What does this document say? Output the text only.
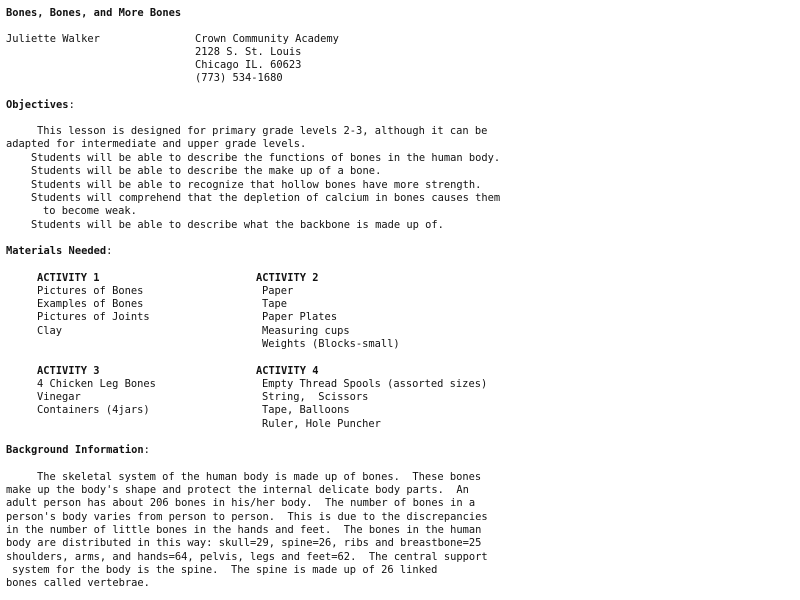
Bones, Bones, and More Bones
Juliette Walker	Crown Community Academy
2128 S. St. Louis
Chicago IL. 60623
(773) 534-1680
Objectives:
This lesson is designed for primary grade levels 2-3, although it can be
adapted for intermediate and upper grade levels.
Students will be able to describe the functions of bones in the human body.
Students will be able to describe the make up of a bone.
Students will be able to recognize that hollow bones have more strength.
Students will comprehend that the depletion of calcium in bones causes them
to become weak.
Students will be able to describe what the backbone is made up of.
Materials Needed:
ACTIVITY 1
Pictures of Bones
Examples of Bones
Pictures of Joints
Clay
ACTIVITY 2
Paper
Tape
Paper Plates
Measuring cups
Weights (Blocks-small)
ACTIVITY 3
4 Chicken Leg Bones
Vinegar
Containers (4jars)
ACTIVITY 4
Empty Thread Spools (assorted sizes)
String,  Scissors
Tape, Balloons
Ruler, Hole Puncher
Background Information:
The skeletal system of the human body is made up of bones.  These bones
make up the body's shape and protect the internal delicate body parts.  An
adult person has about 206 bones in his/her body.  The number of bones in a
person's body varies from person to person.  This is due to the discrepancies
in the number of little bones in the hands and feet.  The bones in the human
body are distributed in this way: skull=29, spine=26, ribs and breastbone=25
shoulders, arms, and hands=64, pelvis, legs and feet=62.  The central support
system for the body is the spine.  The spine is made up of 26 linked
bones called vertebrae.
